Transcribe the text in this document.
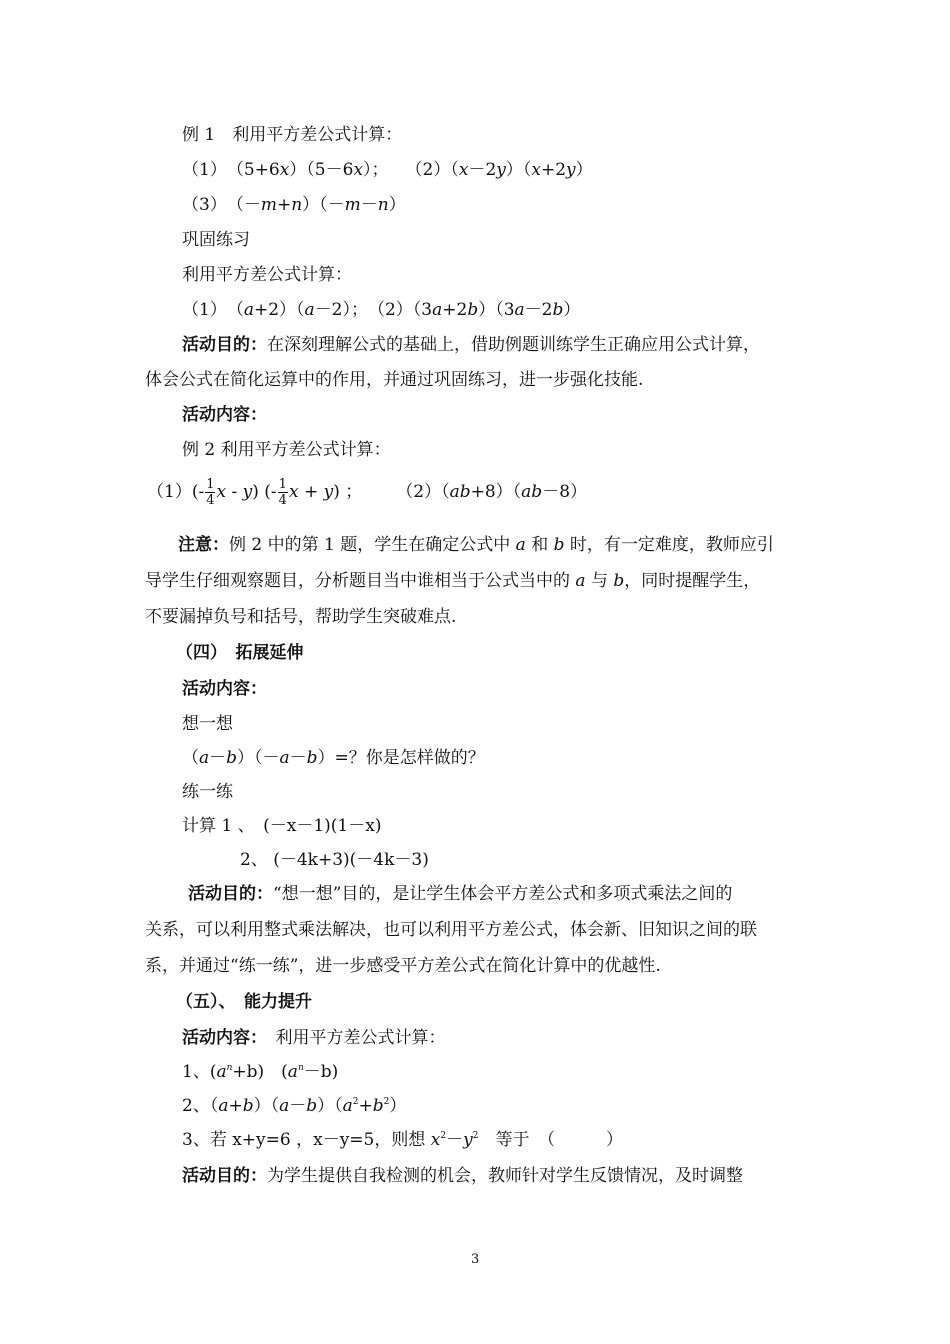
例 1　利用平方差公式计算：
（1）　（5+6x）（5－6x）；　　（2）（x－2y）（x+2y）
（3）　（－m+n）（－m－n）
巩固练习
利用平方差公式计算：
（1）　（a+2）（a－2）；　（2）（3a+2b）（3a－2b）
活动目的：在深刻理解公式的基础上，借助例题训练学生正确应用公式计算，
体会公式在简化运算中的作用，并通过巩固练习，进一步强化技能.
活动内容：
例 2 利用平方差公式计算：
$(1)(- \frac{1}{4}$ x - y) (- $\frac{1}{4}$ x + y) ；　　　（2）（ab+8）（ab－8）
注意：例 2 中的第 1 题，学生在确定公式中 a 和 b 时，有一定难度，教师应引
导学生仔细观察题目，分析题目当中谁相当于公式当中的 a 与 b，同时提醒学生，
不要漏掉负号和括号，帮助学生突破难点.
（四）　拓展延伸
活动内容：
想一想
（a－b）（－a－b）=？你是怎样做的？
练一练
计算 1 、　(－x－1)(1－x)
2、 (－4k+3)(－4k－3)
活动目的：“想一想”目的，是让学生体会平方差公式和多项式乘法之间的
关系，可以利用整式乘法解决，也可以利用平方差公式，体会新、旧知识之间的联
系，并通过“练一练”，进一步感受平方差公式在简化计算中的优越性.
（五）、　能力提升
活动内容：　 利用平方差公式计算：
1、$(a^n+b)$　$(a^n-b)$
2、$(a+b)(a-b)(a^2+b^2)$
3、若 x+y=6 ，x－y=5，则想 $x^2-y^2$　等于　（　　　）
活动目的：为学生提供自我检测的机会，教师针对学生反馈情况，及时调整
3
